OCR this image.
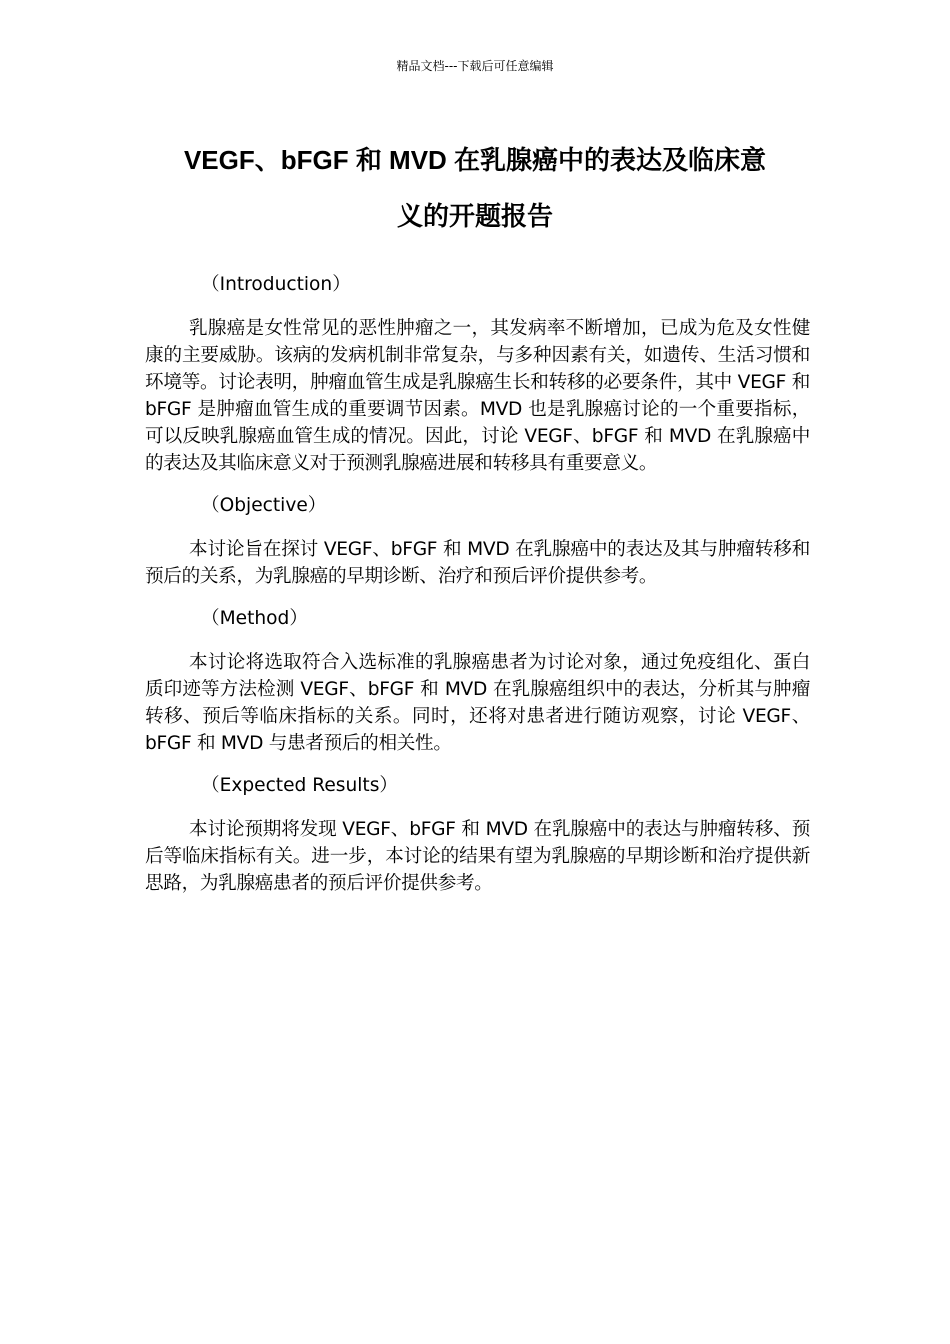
精品文档---下载后可任意编辑
VEGF、bFGF 和 MVD 在乳腺癌中的表达及临床意
义的开题报告

（Introduction）

乳腺癌是女性常见的恶性肿瘤之一，其发病率不断增加，已成为危及女性健康的主要威胁。该病的发病机制非常复杂，与多种因素有关，如遗传、生活习惯和环境等。讨论表明，肿瘤血管生成是乳腺癌生长和转移的必要条件，其中 VEGF 和 bFGF 是肿瘤血管生成的重要调节因素。MVD 也是乳腺癌讨论的一个重要指标，可以反映乳腺癌血管生成的情况。因此，讨论 VEGF、bFGF 和 MVD 在乳腺癌中的表达及其临床意义对于预测乳腺癌进展和转移具有重要意义。

（Objective）

本讨论旨在探讨 VEGF、bFGF 和 MVD 在乳腺癌中的表达及其与肿瘤转移和预后的关系，为乳腺癌的早期诊断、治疗和预后评价提供参考。

（Method）

本讨论将选取符合入选标准的乳腺癌患者为讨论对象，通过免疫组化、蛋白质印迹等方法检测 VEGF、bFGF 和 MVD 在乳腺癌组织中的表达，分析其与肿瘤转移、预后等临床指标的关系。同时，还将对患者进行随访观察，讨论 VEGF、bFGF 和 MVD 与患者预后的相关性。

（Expected Results）

本讨论预期将发现 VEGF、bFGF 和 MVD 在乳腺癌中的表达与肿瘤转移、预后等临床指标有关。进一步，本讨论的结果有望为乳腺癌的早期诊断和治疗提供新思路，为乳腺癌患者的预后评价提供参考。
